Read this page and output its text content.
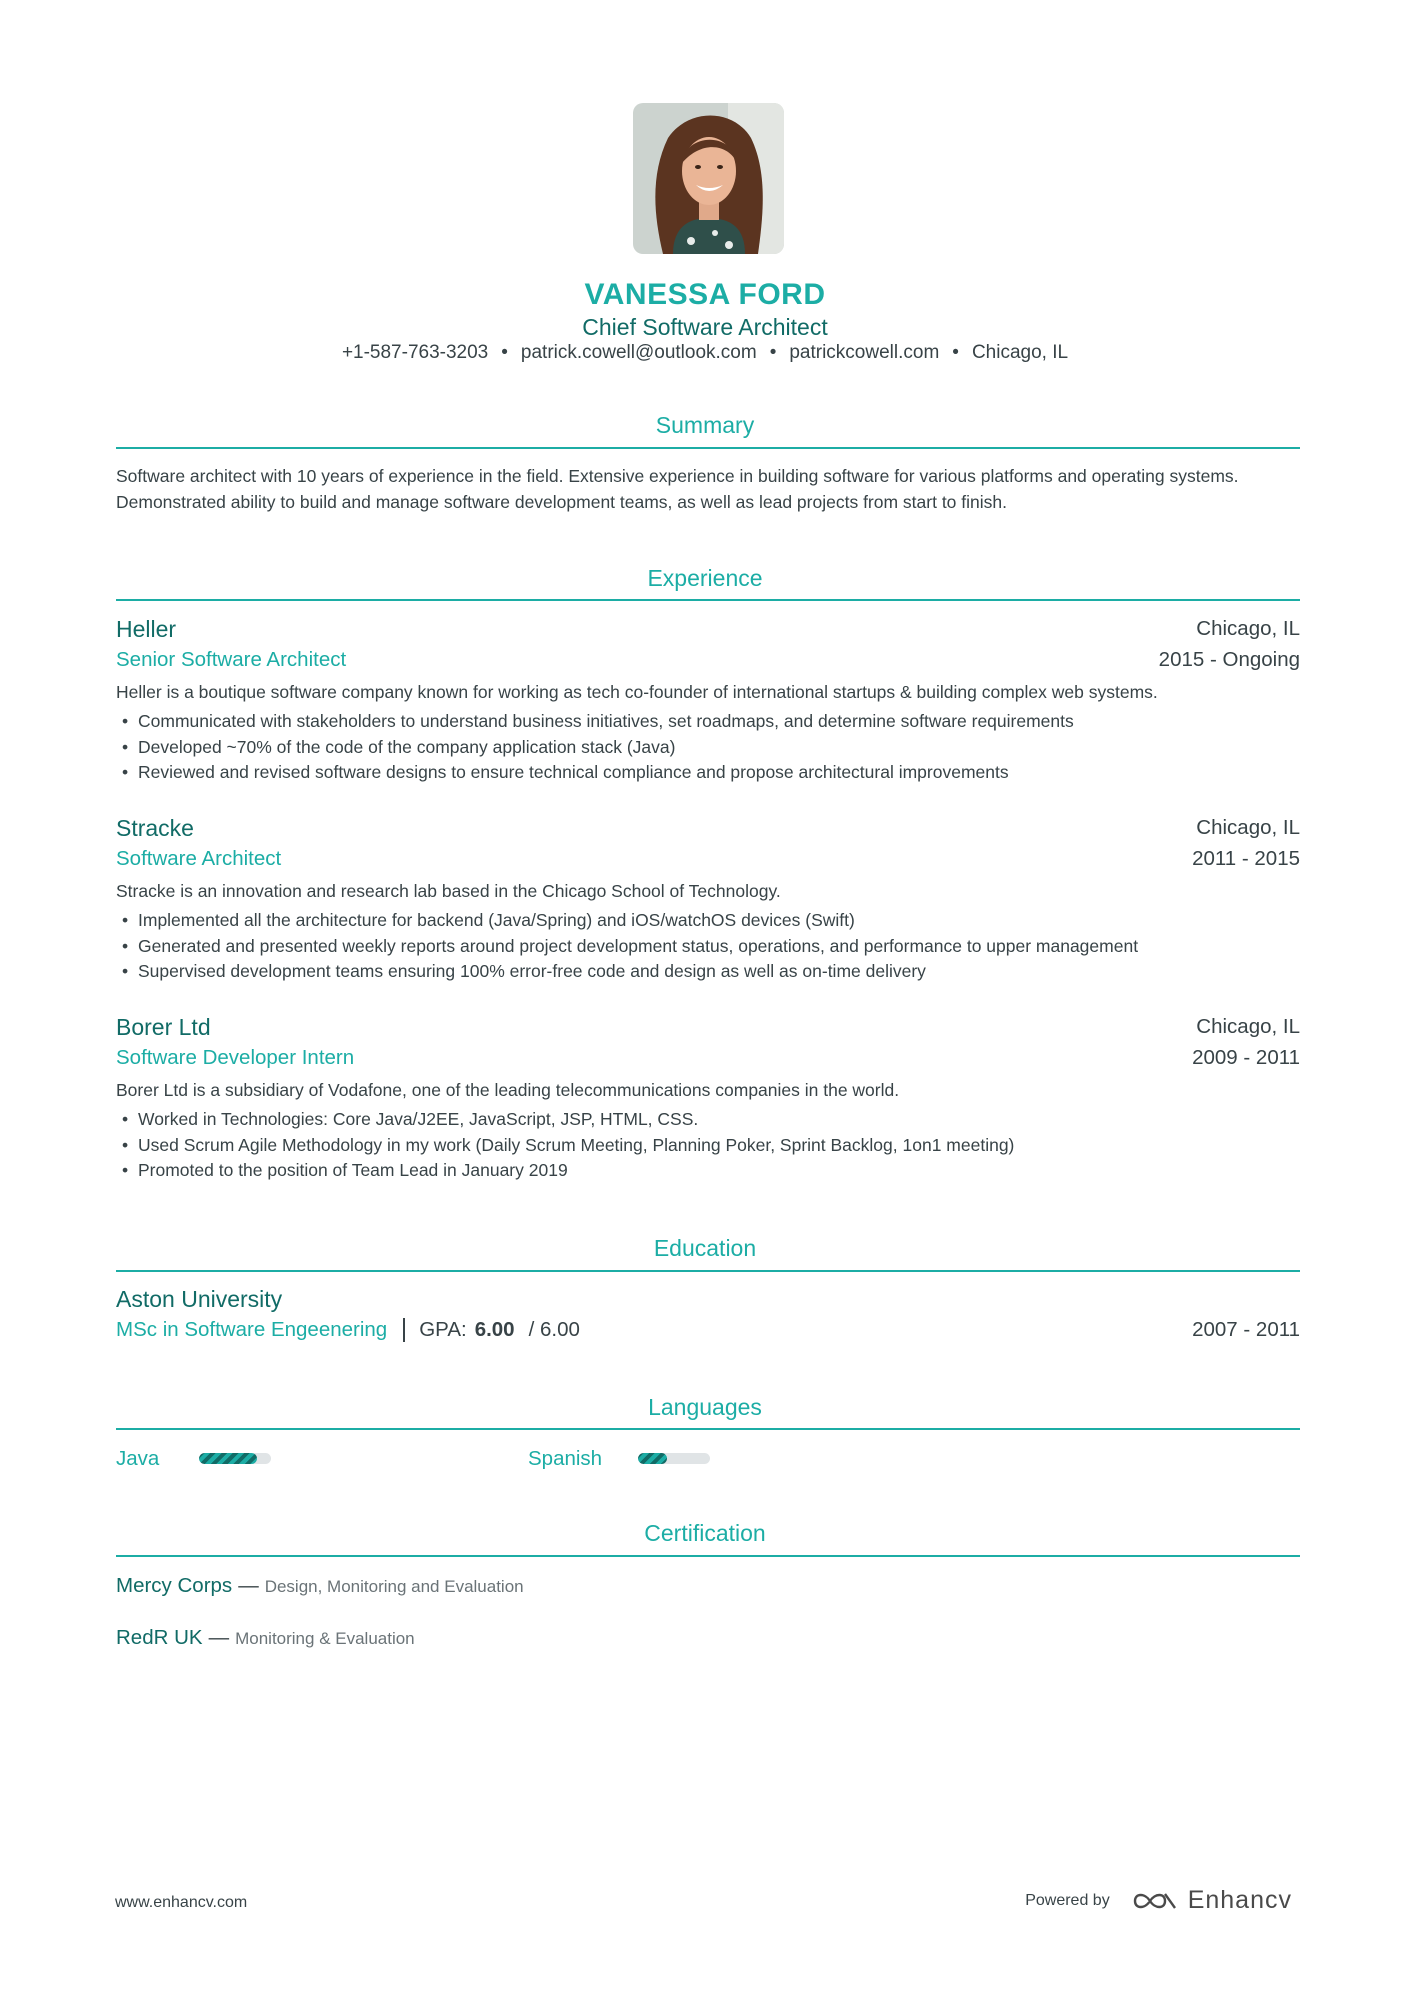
VANESSA FORD
Chief Software Architect
+1-587-763-3203 • patrick.cowell@outlook.com • patrickcowell.com • Chicago, IL
Summary
Software architect with 10 years of experience in the field. Extensive experience in building software for various platforms and operating systems. Demonstrated ability to build and manage software development teams, as well as lead projects from start to finish.
Experience
Heller	Chicago, IL
Senior Software Architect	2015 - Ongoing
Heller is a boutique software company known for working as tech co-founder of international startups & building complex web systems.
• Communicated with stakeholders to understand business initiatives, set roadmaps, and determine software requirements
• Developed ~70% of the code of the company application stack (Java)
• Reviewed and revised software designs to ensure technical compliance and propose architectural improvements
Stracke	Chicago, IL
Software Architect	2011 - 2015
Stracke is an innovation and research lab based in the Chicago School of Technology.
• Implemented all the architecture for backend (Java/Spring) and iOS/watchOS devices (Swift)
• Generated and presented weekly reports around project development status, operations, and performance to upper management
• Supervised development teams ensuring 100% error-free code and design as well as on-time delivery
Borer Ltd	Chicago, IL
Software Developer Intern	2009 - 2011
Borer Ltd is a subsidiary of Vodafone, one of the leading telecommunications companies in the world.
• Worked in Technologies: Core Java/J2EE, JavaScript, JSP, HTML, CSS.
• Used Scrum Agile Methodology in my work (Daily Scrum Meeting, Planning Poker, Sprint Backlog, 1on1 meeting)
• Promoted to the position of Team Lead in January 2019
Education
Aston University
MSc in Software Engeenering GPA: 6.00 / 6.00	2007 - 2011
Languages
Java	Spanish
Certification
Mercy Corps — Design, Monitoring and Evaluation
RedR UK — Monitoring & Evaluation
www.enhancv.com	Powered by	Enhancv
